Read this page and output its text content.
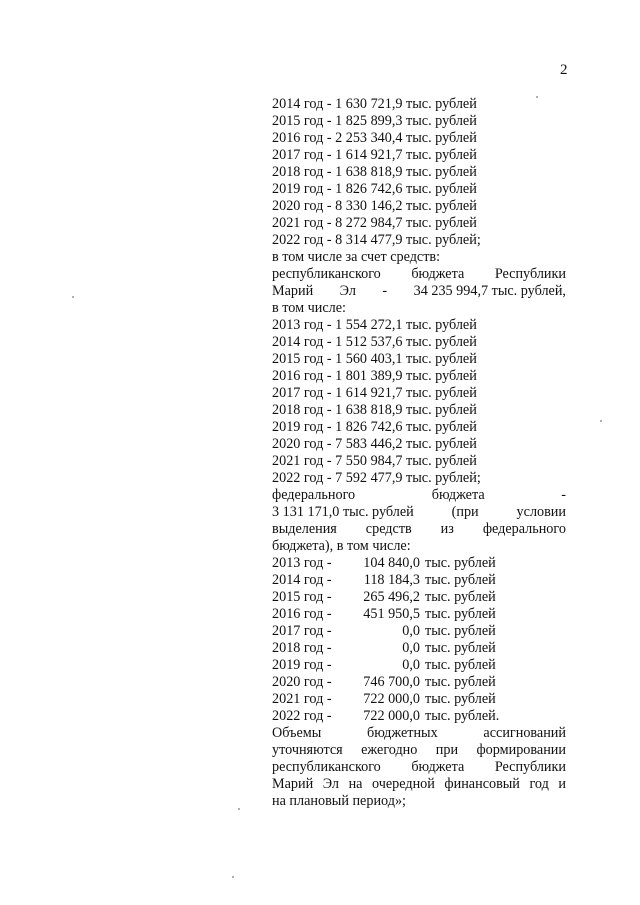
2
2014 год - 1 630 721,9 тыс. рублей
2015 год - 1 825 899,3 тыс. рублей
2016 год - 2 253 340,4 тыс. рублей
2017 год - 1 614 921,7 тыс. рублей
2018 год - 1 638 818,9 тыс. рублей
2019 год - 1 826 742,6 тыс. рублей
2020 год - 8 330 146,2 тыс. рублей
2021 год - 8 272 984,7 тыс. рублей
2022 год - 8 314 477,9 тыс. рублей;
в том числе за счет средств:
республиканского бюджета Республики
Марий Эл - 34 235 994,7 тыс. рублей,
в том числе:
2013 год - 1 554 272,1 тыс. рублей
2014 год - 1 512 537,6 тыс. рублей
2015 год - 1 560 403,1 тыс. рублей
2016 год - 1 801 389,9 тыс. рублей
2017 год - 1 614 921,7 тыс. рублей
2018 год - 1 638 818,9 тыс. рублей
2019 год - 1 826 742,6 тыс. рублей
2020 год - 7 583 446,2 тыс. рублей
2021 год - 7 550 984,7 тыс. рублей
2022 год - 7 592 477,9 тыс. рублей;
федерального	бюджета	-
3 131 171,0 тыс. рублей	(при	условии
выделения средств из федерального
бюджета), в том числе:
2013 год -	104 840,0 тыс. рублей
2014 год -	118 184,3 тыс. рублей
2015 год -	265 496,2 тыс. рублей
2016 год -	451 950,5 тыс. рублей
2017 год -	0,0 тыс. рублей
2018 год -	0,0 тыс. рублей
2019 год -	0,0 тыс. рублей
2020 год -	746 700,0 тыс. рублей
2021 год -	722 000,0 тыс. рублей
2022 год -	722 000,0 тыс. рублей.
Объемы	бюджетных	ассигнований
уточняются ежегодно при формировании
республиканского бюджета Республики
Марий Эл на очередной финансовый год и
на плановый период»;
